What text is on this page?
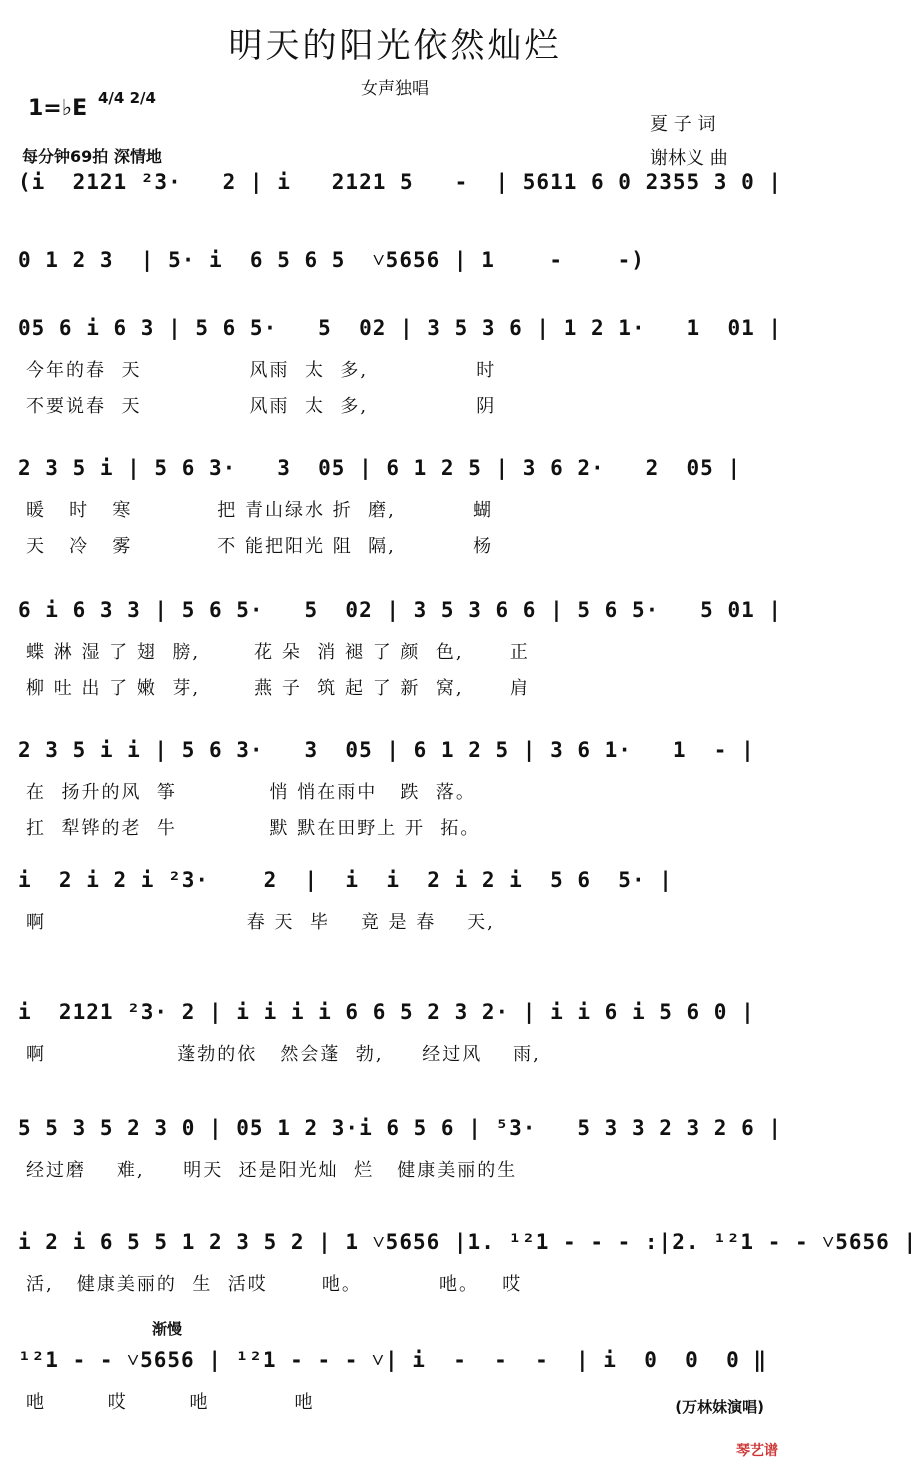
明天的阳光依然灿烂
女声独唱
1=♭E 4/4 2/4
每分钟69拍 深情地
夏 子 词
谢林义 曲
(i  2121 ²3·   2 | i   2121 5   -  | 5611 6 0 2355 3 0 |
0 1 2 3  | 5· i  6 5 6 5  ˅5656 | 1    -    -)
05 6 i 6 3 | 5 6 5·   5  02 | 3 5 3 6 | 1 2 1·   1  01 |
今年的春  天              风雨  太  多,              时
不要说春  天              风雨  太  多,              阴
2 3 5 i | 5 6 3·   3  05 | 6 1 2 5 | 3 6 2·   2  05 |
暖   时   寒           把 青山绿水 折  磨,          蝴
天   冷   雾           不 能把阳光 阻  隔,          杨
6 i 6 3 3 | 5 6 5·   5  02 | 3 5 3 6 6 | 5 6 5·   5 01 |
蝶 淋 湿 了 翅  膀,       花 朵  消 褪 了 颜  色,      正
柳 吐 出 了 嫩  芽,       燕 子  筑 起 了 新  窝,      肩
2 3 5 i i | 5 6 3·   3  05 | 6 1 2 5 | 3 6 1·   1  - |
在  扬升的风  筝            悄 悄在雨中   跌  落。
扛  犁铧的老  牛            默 默在田野上 开  拓。
i  2 i 2 i ²3·    2  |  i  i  2 i 2 i  5 6  5· |
啊                          春 天  毕    竟 是 春    天,
i  2121 ²3· 2 | i i i i 6 6 5 2 3 2· | i i 6 i 5 6 0 |
啊                 蓬勃的依   然会蓬  勃,     经过风    雨,
5 5 3 5 2 3 0 | 05 1 2 3·i 6 5 6 | ⁵3·   5 3 3 2 3 2 6 |
经过磨    难,     明天  还是阳光灿  烂   健康美丽的生
i 2 i 6 5 5 1 2 3 5 2 | 1 ˅5656 |1. ¹²1 - - - :|2. ¹²1 - - ˅5656 |
活,   健康美丽的  生  活哎       吔。          吔。   哎
¹²1 - - ˅5656 | ¹²1 - - - ˅| i  -  -  -  | i  0  0  0 ‖
吔        哎        吔           吔
渐慢
(万林妹演唱)
琴艺谱
